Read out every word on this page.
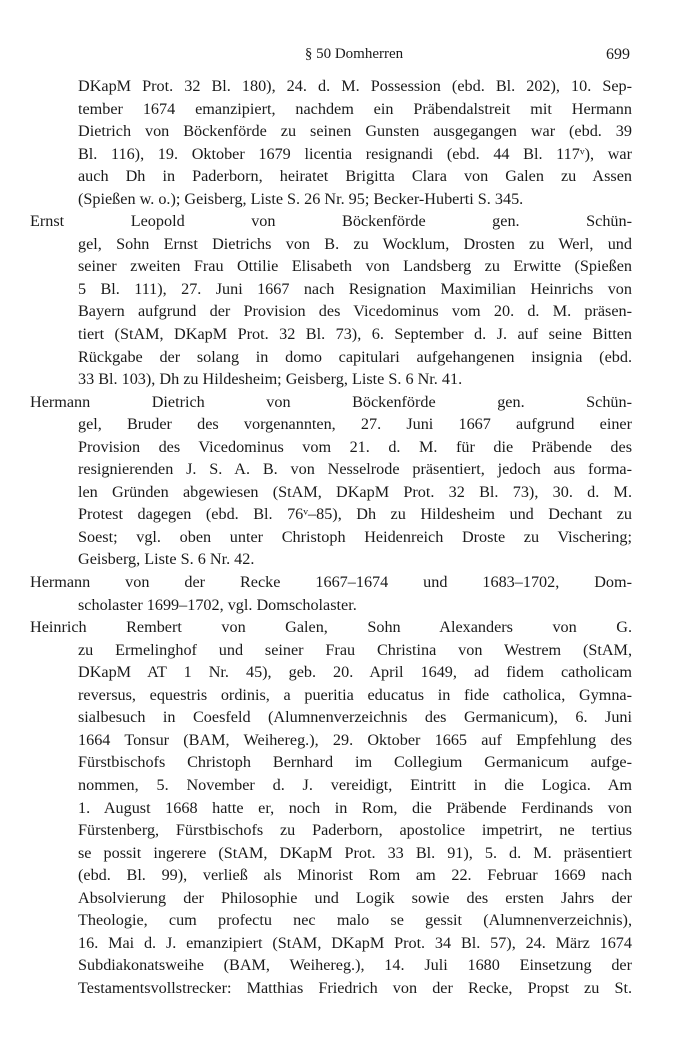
§ 50 Domherren	699
DKapM Prot. 32 Bl. 180), 24. d. M. Possession (ebd. Bl. 202), 10. Sep-
tember 1674 emanzipiert, nachdem ein Präbendalstreit mit Hermann
Dietrich von Böckenförde zu seinen Gunsten ausgegangen war (ebd. 39
Bl. 116), 19. Oktober 1679 licentia resignandi (ebd. 44 Bl. 117ᵛ), war
auch Dh in Paderborn, heiratet Brigitta Clara von Galen zu Assen
(Spießen w. o.); Geisberg, Liste S. 26 Nr. 95; Becker-Huberti S. 345.
Ernst Leopold von Böckenförde gen. Schün-
gel, Sohn Ernst Dietrichs von B. zu Wocklum, Drosten zu Werl, und
seiner zweiten Frau Ottilie Elisabeth von Landsberg zu Erwitte (Spießen
5 Bl. 111), 27. Juni 1667 nach Resignation Maximilian Heinrichs von
Bayern aufgrund der Provision des Vicedominus vom 20. d. M. präsen-
tiert (StAM, DKapM Prot. 32 Bl. 73), 6. September d. J. auf seine Bitten
Rückgabe der solang in domo capitulari aufgehangenen insignia (ebd.
33 Bl. 103), Dh zu Hildesheim; Geisberg, Liste S. 6 Nr. 41.
Hermann Dietrich von Böckenförde gen. Schün-
gel, Bruder des vorgenannten, 27. Juni 1667 aufgrund einer
Provision des Vicedominus vom 21. d. M. für die Präbende des
resignierenden J. S. A. B. von Nesselrode präsentiert, jedoch aus forma-
len Gründen abgewiesen (StAM, DKapM Prot. 32 Bl. 73), 30. d. M.
Protest dagegen (ebd. Bl. 76ᵛ–85), Dh zu Hildesheim und Dechant zu
Soest; vgl. oben unter Christoph Heidenreich Droste zu Vischering;
Geisberg, Liste S. 6 Nr. 42.
Hermann von der Recke 1667–1674 und 1683–1702, Dom-
scholaster 1699–1702, vgl. Domscholaster.
Heinrich Rembert von Galen, Sohn Alexanders von G.
zu Ermelinghof und seiner Frau Christina von Westrem (StAM,
DKapM AT 1 Nr. 45), geb. 20. April 1649, ad fidem catholicam
reversus, equestris ordinis, a pueritia educatus in fide catholica, Gymna-
sialbesuch in Coesfeld (Alumnenverzeichnis des Germanicum), 6. Juni
1664 Tonsur (BAM, Weihereg.), 29. Oktober 1665 auf Empfehlung des
Fürstbischofs Christoph Bernhard im Collegium Germanicum aufge-
nommen, 5. November d. J. vereidigt, Eintritt in die Logica. Am
1. August 1668 hatte er, noch in Rom, die Präbende Ferdinands von
Fürstenberg, Fürstbischofs zu Paderborn, apostolice impetrirt, ne tertius
se possit ingerere (StAM, DKapM Prot. 33 Bl. 91), 5. d. M. präsentiert
(ebd. Bl. 99), verließ als Minorist Rom am 22. Februar 1669 nach
Absolvierung der Philosophie und Logik sowie des ersten Jahrs der
Theologie, cum profectu nec malo se gessit (Alumnenverzeichnis),
16. Mai d. J. emanzipiert (StAM, DKapM Prot. 34 Bl. 57), 24. März 1674
Subdiakonatsweihe (BAM, Weihereg.), 14. Juli 1680 Einsetzung der
Testamentsvollstrecker: Matthias Friedrich von der Recke, Propst zu St.
